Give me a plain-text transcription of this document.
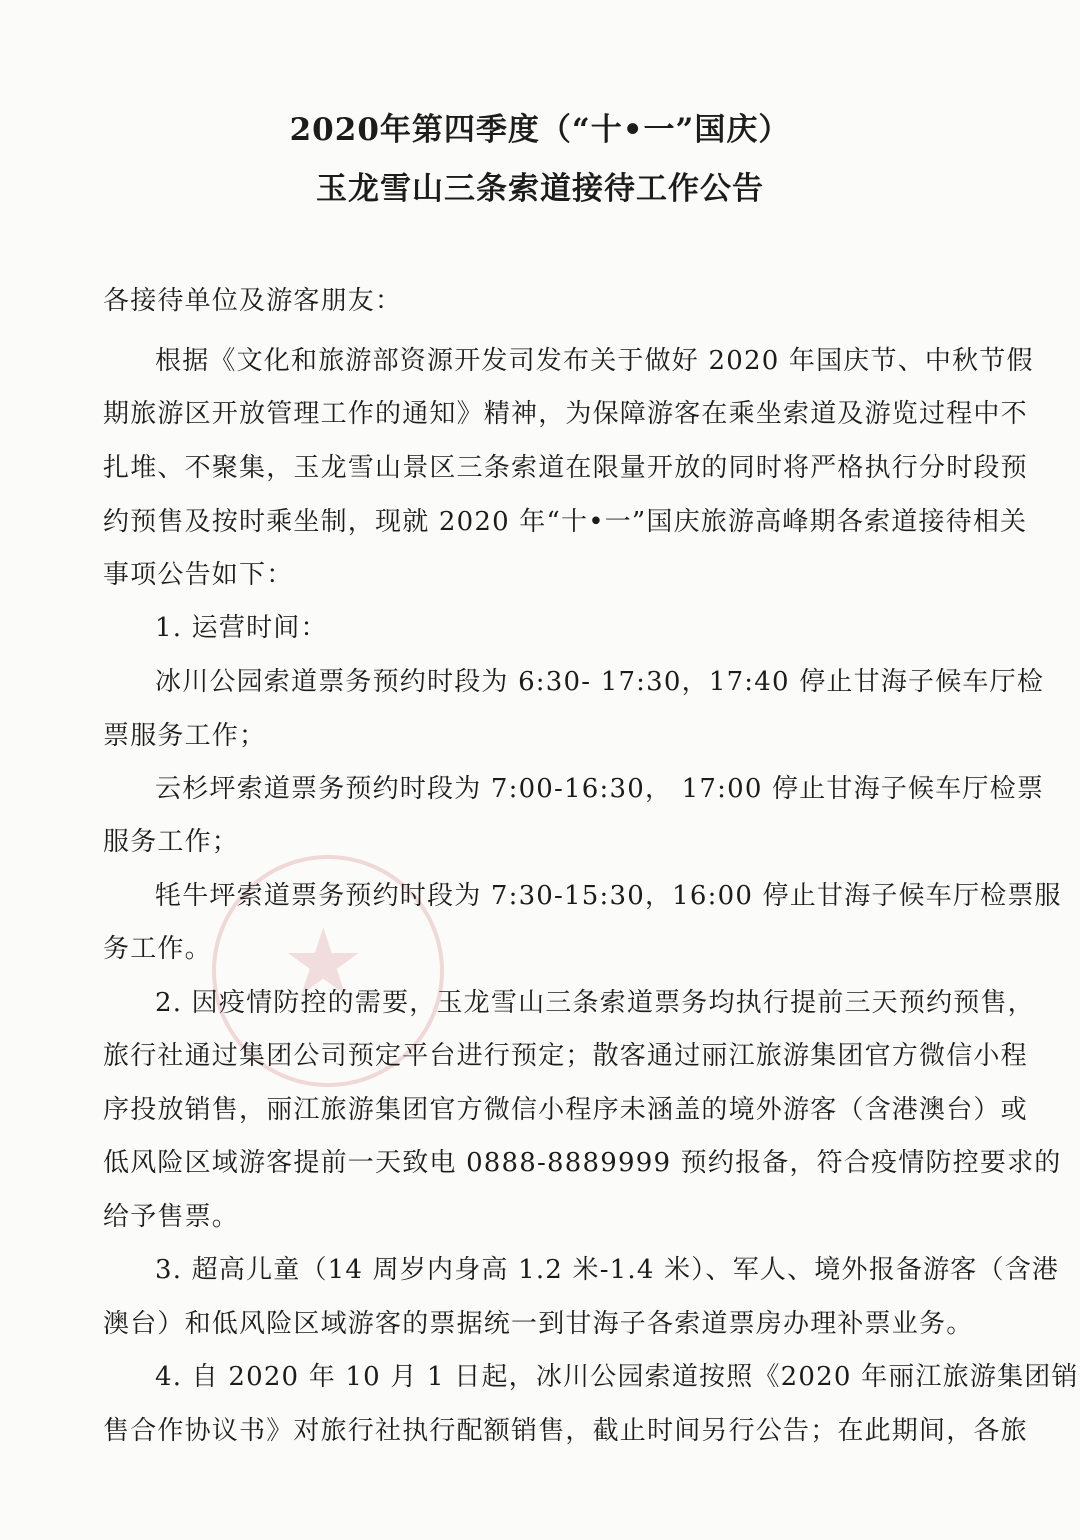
★
2020年第四季度（“十•一”国庆）
玉龙雪山三条索道接待工作公告
各接待单位及游客朋友：
根据《文化和旅游部资源开发司发布关于做好 2020 年国庆节、中秋节假
期旅游区开放管理工作的通知》精神，为保障游客在乘坐索道及游览过程中不
扎堆、不聚集，玉龙雪山景区三条索道在限量开放的同时将严格执行分时段预
约预售及按时乘坐制，现就 2020 年“十•一”国庆旅游高峰期各索道接待相关
事项公告如下：
1. 运营时间：
冰川公园索道票务预约时段为 6:30- 17:30，17:40 停止甘海子候车厅检
票服务工作；
云杉坪索道票务预约时段为 7:00-16:30， 17:00 停止甘海子候车厅检票
服务工作；
牦牛坪索道票务预约时段为 7:30-15:30，16:00 停止甘海子候车厅检票服
务工作。
2. 因疫情防控的需要，玉龙雪山三条索道票务均执行提前三天预约预售，
旅行社通过集团公司预定平台进行预定；散客通过丽江旅游集团官方微信小程
序投放销售，丽江旅游集团官方微信小程序未涵盖的境外游客（含港澳台）或
低风险区域游客提前一天致电 0888-8889999 预约报备，符合疫情防控要求的
给予售票。
3. 超高儿童（14 周岁内身高 1.2 米-1.4 米）、军人、境外报备游客（含港
澳台）和低风险区域游客的票据统一到甘海子各索道票房办理补票业务。
4. 自 2020 年 10 月 1 日起，冰川公园索道按照《2020 年丽江旅游集团销
售合作协议书》对旅行社执行配额销售，截止时间另行公告；在此期间，各旅
